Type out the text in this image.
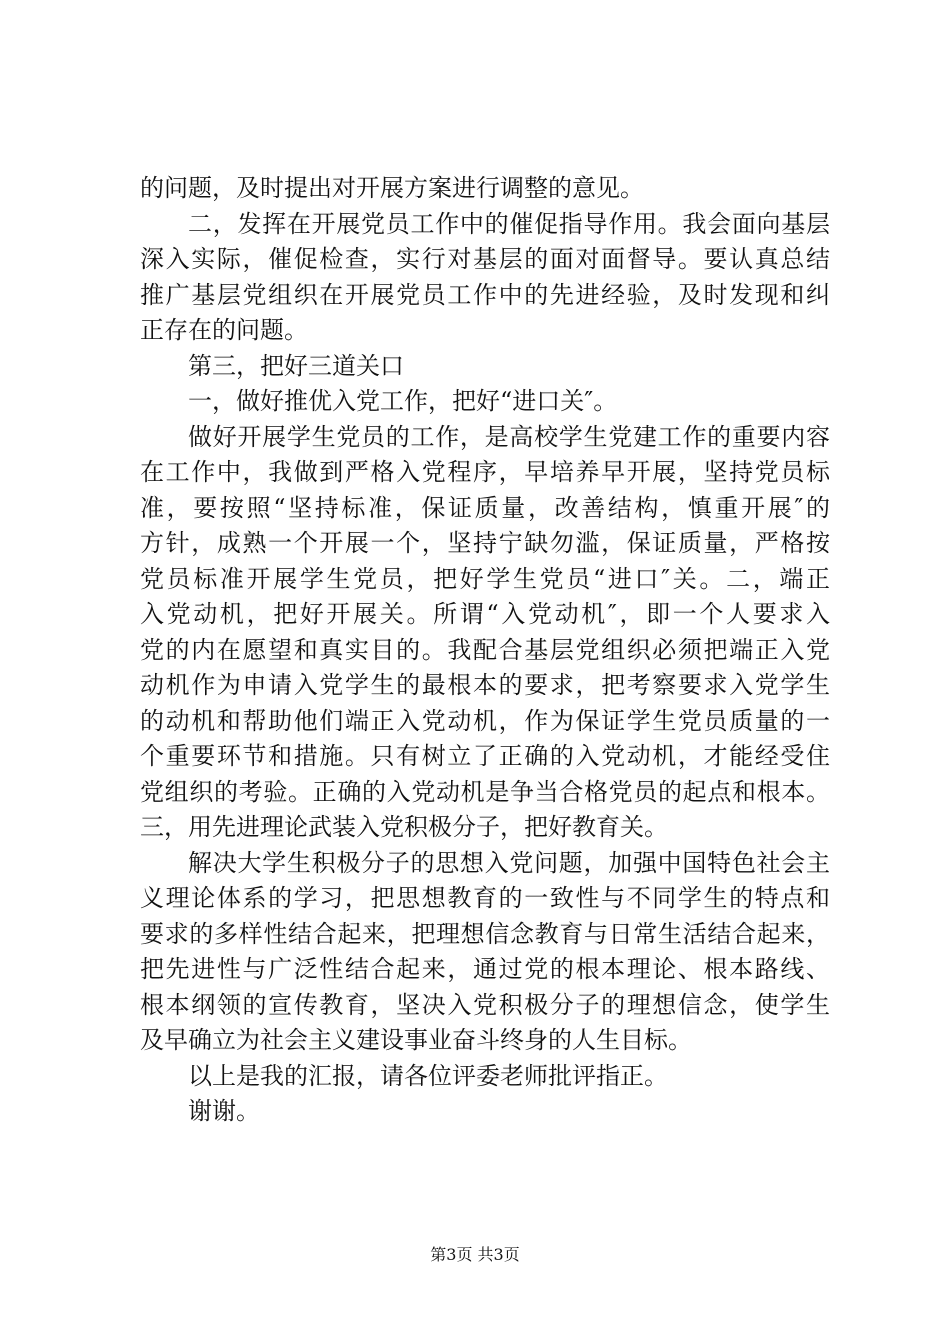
的问题，及时提出对开展方案进行调整的意见。
二，发挥在开展党员工作中的催促指导作用。我会面向基层
深入实际，催促检查，实行对基层的面对面督导。要认真总结
推广基层党组织在开展党员工作中的先进经验，及时发现和纠
正存在的问题。
第三，把好三道关口
一，做好推优入党工作，把好“进口关″。
做好开展学生党员的工作，是高校学生党建工作的重要内容
在工作中，我做到严格入党程序，早培养早开展，坚持党员标
准，要按照“坚持标准，保证质量，改善结构，慎重开展″的
方针，成熟一个开展一个，坚持宁缺勿滥，保证质量，严格按
党员标准开展学生党员，把好学生党员“进口″关。二，端正
入党动机，把好开展关。所谓“入党动机″，即一个人要求入
党的内在愿望和真实目的。我配合基层党组织必须把端正入党
动机作为申请入党学生的最根本的要求，把考察要求入党学生
的动机和帮助他们端正入党动机，作为保证学生党员质量的一
个重要环节和措施。只有树立了正确的入党动机，才能经受住
党组织的考验。正确的入党动机是争当合格党员的起点和根本。
三，用先进理论武装入党积极分子，把好教育关。
解决大学生积极分子的思想入党问题，加强中国特色社会主
义理论体系的学习，把思想教育的一致性与不同学生的特点和
要求的多样性结合起来，把理想信念教育与日常生活结合起来，
把先进性与广泛性结合起来，通过党的根本理论、根本路线、
根本纲领的宣传教育，坚决入党积极分子的理想信念，使学生
及早确立为社会主义建设事业奋斗终身的人生目标。
以上是我的汇报，请各位评委老师批评指正。
谢谢。
第3页 共3页
